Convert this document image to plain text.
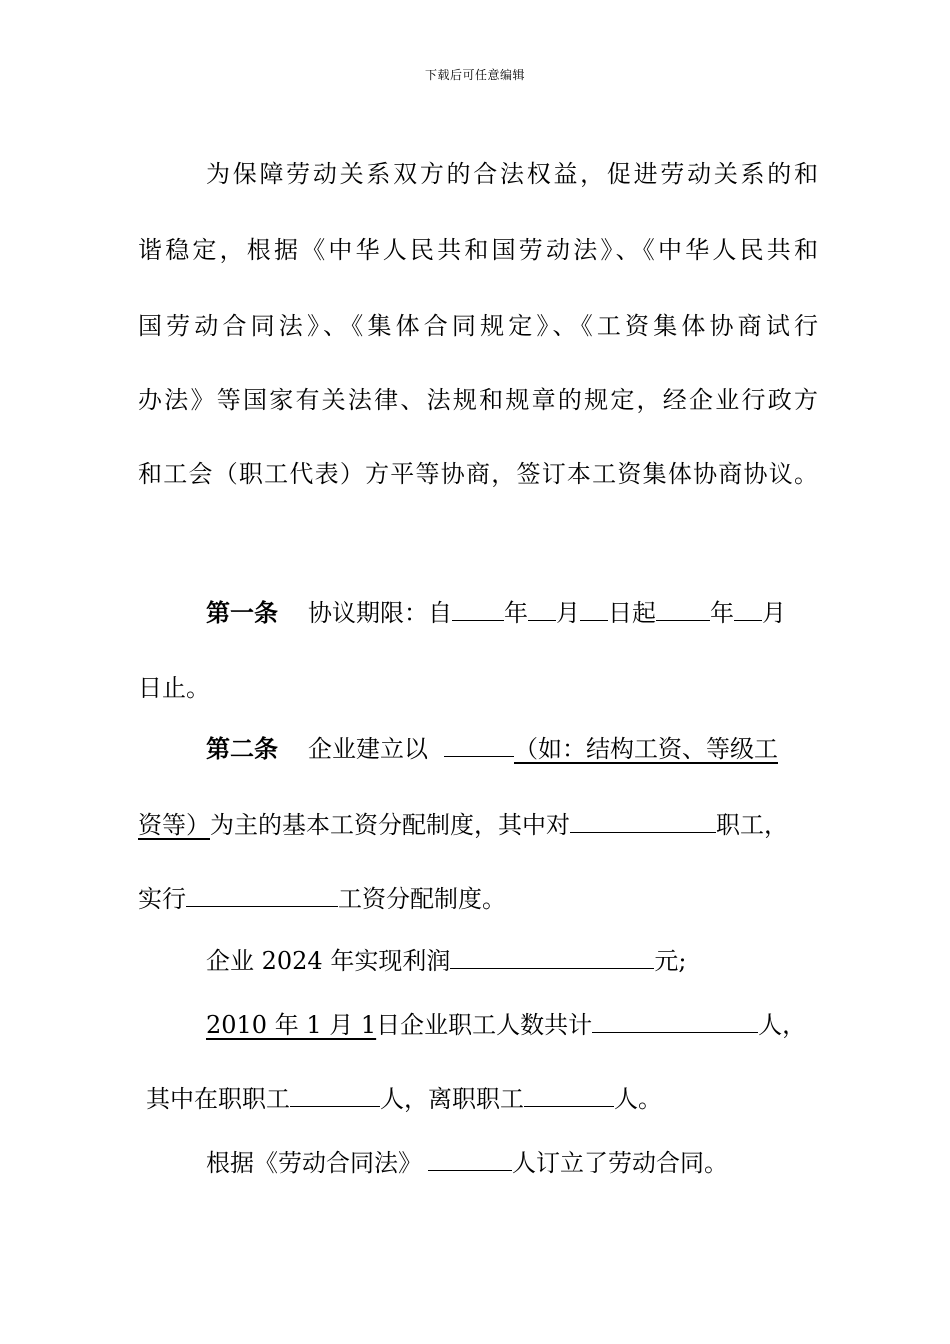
下载后可任意编辑
为保障劳动关系双方的合法权益，促进劳动关系的和
谐稳定，根据《中华人民共和国劳动法》、《中华人民共和
国劳动合同法》、《集体合同规定》、《工资集体协商试行
办法》等国家有关法律、法规和规章的规定，经企业行政方
和工会（职工代表）方平等协商，签订本工资集体协商协议。
第一条 协议期限：自 年 月 日起 年 月
日止。
第二条 企业建立以	（如：结构工资、等级工
资等）为主的基本工资分配制度，其中对	职工，
实行	工资分配制度。
企业 2024 年实现利润	元;
2010 年 1 月 1日企业职工人数共计	人，
其中在职职工	人，离职职工	人。
根据《劳动合同法》	人订立了劳动合同。
